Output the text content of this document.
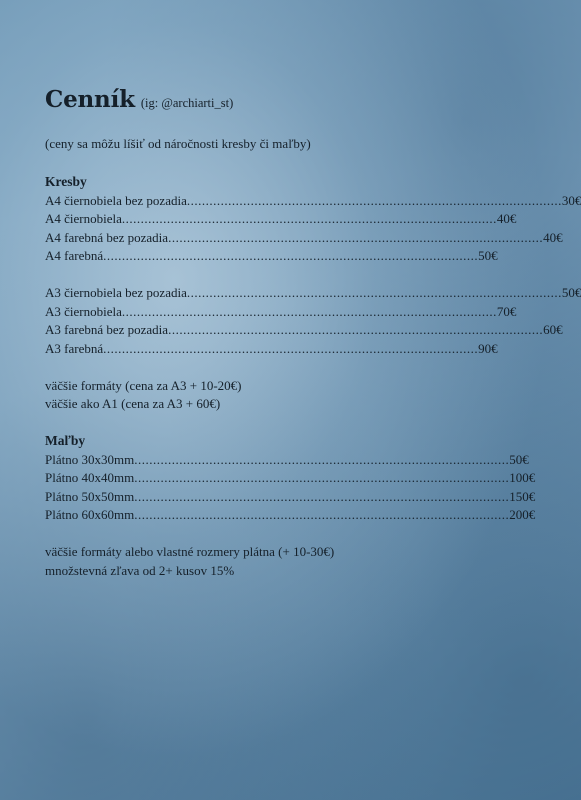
Cenník (ig: @archiarti_st)
(ceny sa môžu líšiť od náročnosti kresby či maľby)
Kresby
A4 čiernobiela bez pozadia .................................................................................................... 30€
A4 čiernobiela .................................................................................................... 40€
A4 farebná bez pozadia .................................................................................................... 40€
A4 farebná .................................................................................................... 50€
A3 čiernobiela bez pozadia .................................................................................................... 50€
A3 čiernobiela .................................................................................................... 70€
A3 farebná bez pozadia .................................................................................................... 60€
A3 farebná .................................................................................................... 90€
väčšie formáty (cena za A3 + 10-20€)
väčšie ako A1 (cena za A3 + 60€)
Maľby
Plátno 30x30mm .................................................................................................... 50€
Plátno 40x40mm .................................................................................................... 100€
Plátno 50x50mm .................................................................................................... 150€
Plátno 60x60mm .................................................................................................... 200€
väčšie formáty alebo vlastné rozmery plátna (+ 10-30€)
množstevná zľava od 2+ kusov 15%
